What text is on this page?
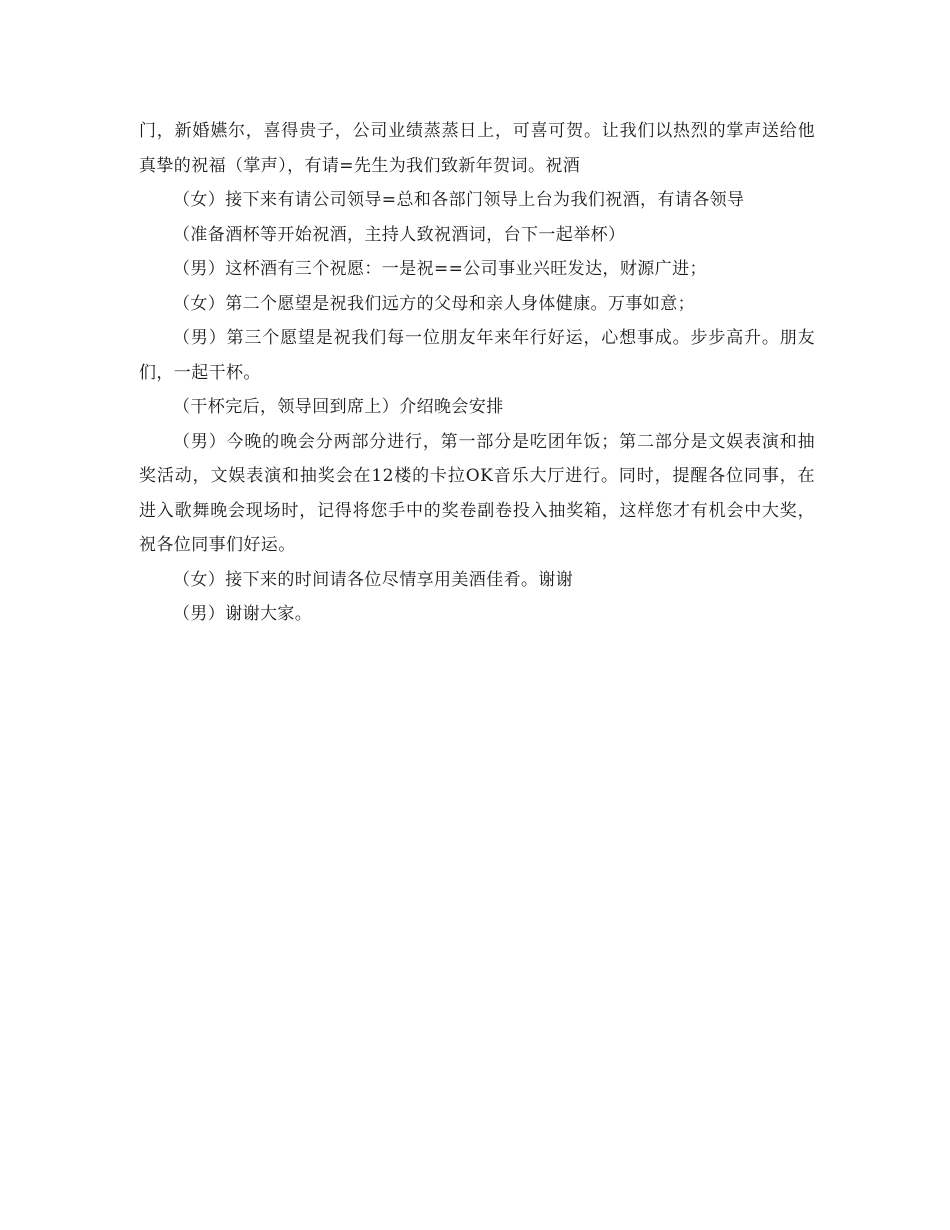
门，新婚嬿尔，喜得贵子，公司业绩蒸蒸日上，可喜可贺。让我们以热烈的掌声送给他真挚的祝福（掌声），有请=先生为我们致新年贺词。祝酒

（女）接下来有请公司领导=总和各部门领导上台为我们祝酒，有请各领导

（准备酒杯等开始祝酒，主持人致祝酒词，台下一起举杯）

（男）这杯酒有三个祝愿：一是祝==公司事业兴旺发达，财源广进；

（女）第二个愿望是祝我们远方的父母和亲人身体健康。万事如意；

（男）第三个愿望是祝我们每一位朋友年来年行好运，心想事成。步步高升。朋友们，一起干杯。

（干杯完后，领导回到席上）介绍晚会安排

（男）今晚的晚会分两部分进行，第一部分是吃团年饭；第二部分是文娱表演和抽奖活动，文娱表演和抽奖会在12楼的卡拉OK音乐大厅进行。同时，提醒各位同事，在进入歌舞晚会现场时，记得将您手中的奖卷副卷投入抽奖箱，这样您才有机会中大奖，祝各位同事们好运。

（女）接下来的时间请各位尽情享用美酒佳肴。谢谢

（男）谢谢大家。
